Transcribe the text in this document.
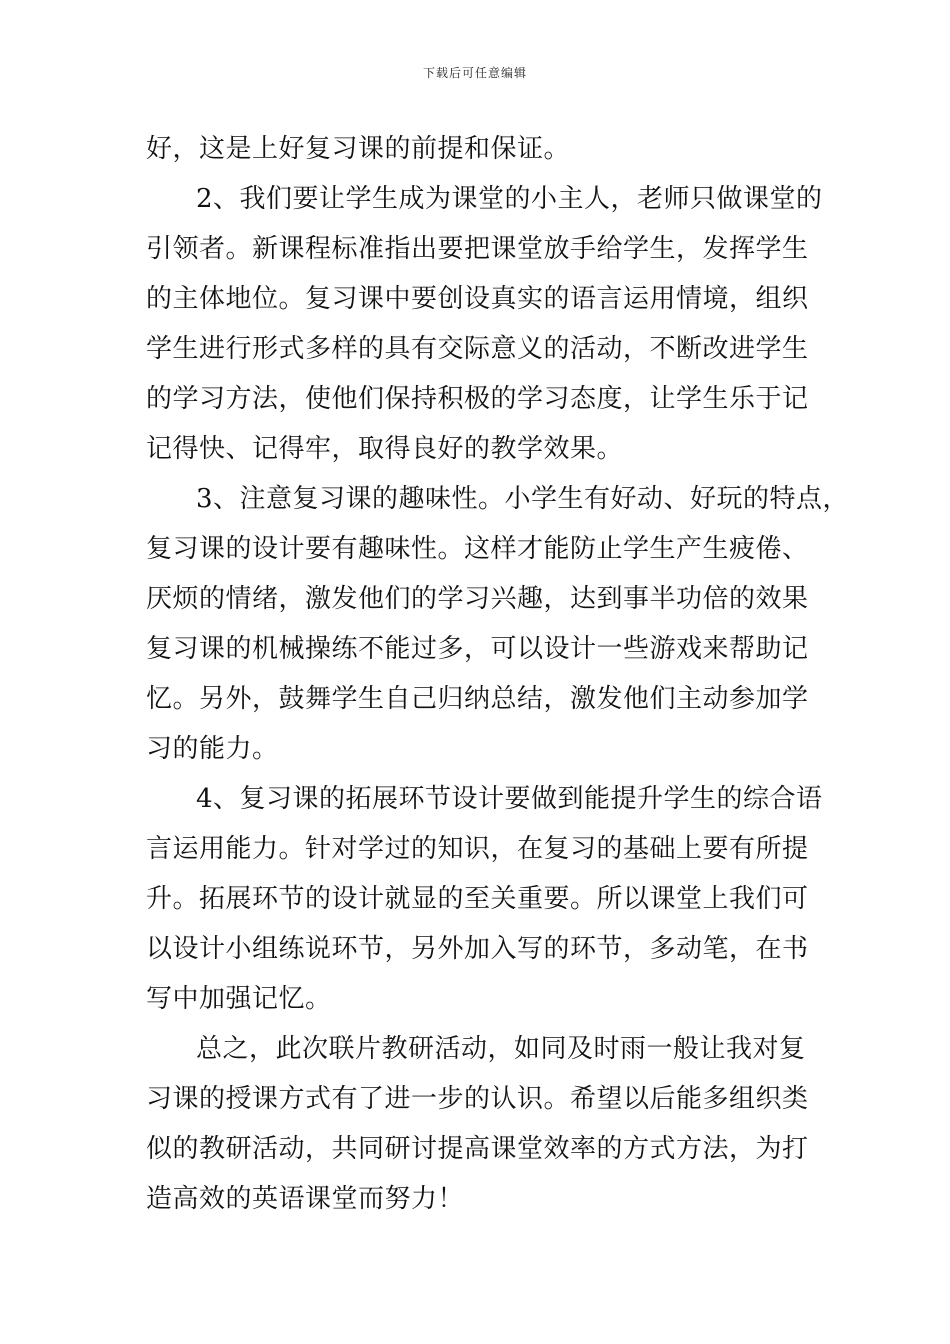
下载后可任意编辑
好，这是上好复习课的前提和保证。
2、我们要让学生成为课堂的小主人，老师只做课堂的
引领者。新课程标准指出要把课堂放手给学生，发挥学生
的主体地位。复习课中要创设真实的语言运用情境，组织
学生进行形式多样的具有交际意义的活动，不断改进学生
的学习方法，使他们保持积极的学习态度，让学生乐于记
记得快、记得牢，取得良好的教学效果。
3、注意复习课的趣味性。小学生有好动、好玩的特点，
复习课的设计要有趣味性。这样才能防止学生产生疲倦、
厌烦的情绪，激发他们的学习兴趣，达到事半功倍的效果
复习课的机械操练不能过多，可以设计一些游戏来帮助记
忆。另外，鼓舞学生自己归纳总结，激发他们主动参加学
习的能力。
4、复习课的拓展环节设计要做到能提升学生的综合语
言运用能力。针对学过的知识，在复习的基础上要有所提
升。拓展环节的设计就显的至关重要。所以课堂上我们可
以设计小组练说环节，另外加入写的环节，多动笔，在书
写中加强记忆。
总之，此次联片教研活动，如同及时雨一般让我对复
习课的授课方式有了进一步的认识。希望以后能多组织类
似的教研活动，共同研讨提高课堂效率的方式方法，为打
造高效的英语课堂而努力！
